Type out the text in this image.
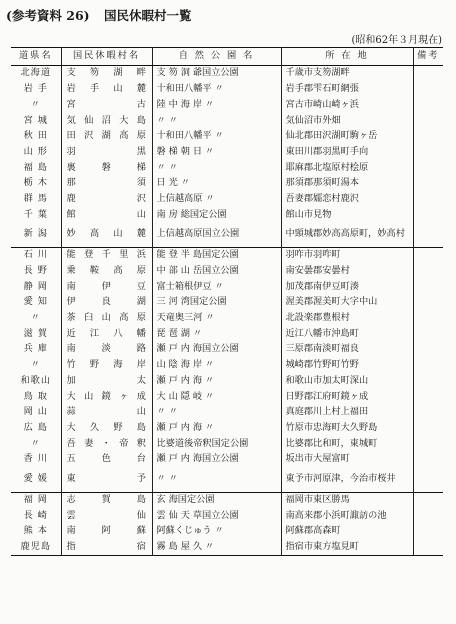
(参考資料 26) 国民休暇村一覧
(昭和62年３月現在)
道県名	国民休暇村名	自 然 公 園 名	所 在 地	備考
北海道	支笏湖畔	支 笏 洞 爺国立公園	千歳市支笏湖畔	
岩 手	岩手山麓	十和田八幡平 〃	岩手郡雫石町網張	
〃	宮古	陸 中 海 岸 〃	宮古市崎山崎ヶ浜	
宮 城	気仙沼大島	〃 〃	気仙沼市外畑	
秋 田	田沢湖高原	十和田八幡平 〃	仙北郡田沢湖町駒ヶ岳	
山 形	羽黒	磐 梯 朝 日 〃	東田川郡羽黒町手向	
福 島	裏磐梯	〃 〃	耶麻郡北塩原村桧原	
栃 木	那須	日 光 〃	那須郡那須町湯本	
群 馬	鹿沢	上信越高原 〃	吾妻郡嬬恋村鹿沢	
千 葉	館山	南 房 総国定公園	館山市見物	
新 潟	妙高山麓	上信越高原国立公園	中頸城郡妙高高原町，妙高村	
石 川	能登千里浜	能 登 半 島国定公園	羽咋市羽咋町	
長 野	乗鞍高原	中 部 山 岳国立公園	南安曇郡安曇村	
静 岡	南伊豆	富士箱根伊豆 〃	加茂郡南伊豆町湊	
愛 知	伊良湖	三 河 湾国定公園	渥美郡渥美町大字中山	
〃	茶臼山高原	天竜奥三河 〃	北設楽郡豊根村	
滋 賀	近江八幡	琵 琶 湖 〃	近江八幡市沖島町	
兵 庫	南淡路	瀬 戸 内 海国立公園	三原郡南淡町福良	
〃	竹野海岸	山 陰 海 岸 〃	城崎郡竹野町竹野	
和歌山	加太	瀬 戸 内 海 〃	和歌山市加太町深山	
鳥 取	大山鏡ヶ成	大 山 隠 岐 〃	日野郡江府町鏡ヶ成	
岡 山	蒜山	〃 〃	真庭郡川上村上福田	
広 島	大久野島	瀬 戸 内 海 〃	竹原市忠海町大久野島	
〃	吾妻・帝釈	比婆道後帝釈国定公園	比婆郡比和町，東城町	
香 川	五色台	瀬 戸 内 海国立公園	坂出市大屋富町	
愛 媛	東予	〃 〃	東予市河原津，今治市桜井	
福 岡	志賀島	玄 海国定公園	福岡市東区勝馬	
長 崎	雲仙	雲 仙 天 草国立公園	南高来郡小浜町諏訪の池	
熊 本	南阿蘇	阿蘇くじゅう 〃	阿蘇郡高森町	
鹿児島	指宿	霧 島 屋 久 〃	指宿市東方塩見町	
